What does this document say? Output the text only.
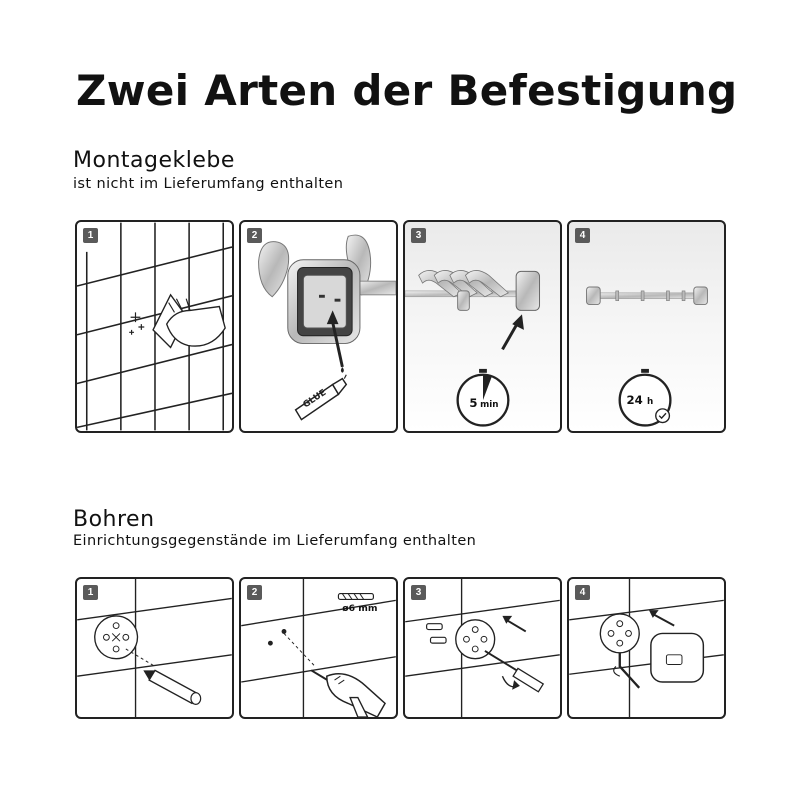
Zwei Arten der Befestigung
Montageklebe
ist nicht im Lieferumfang enthalten
1	2
GLUE
3
5 min
4
24 h
Bohren
Einrichtungsgegenstände im Lieferumfang enthalten
1	2
ø6 mm
3	4
